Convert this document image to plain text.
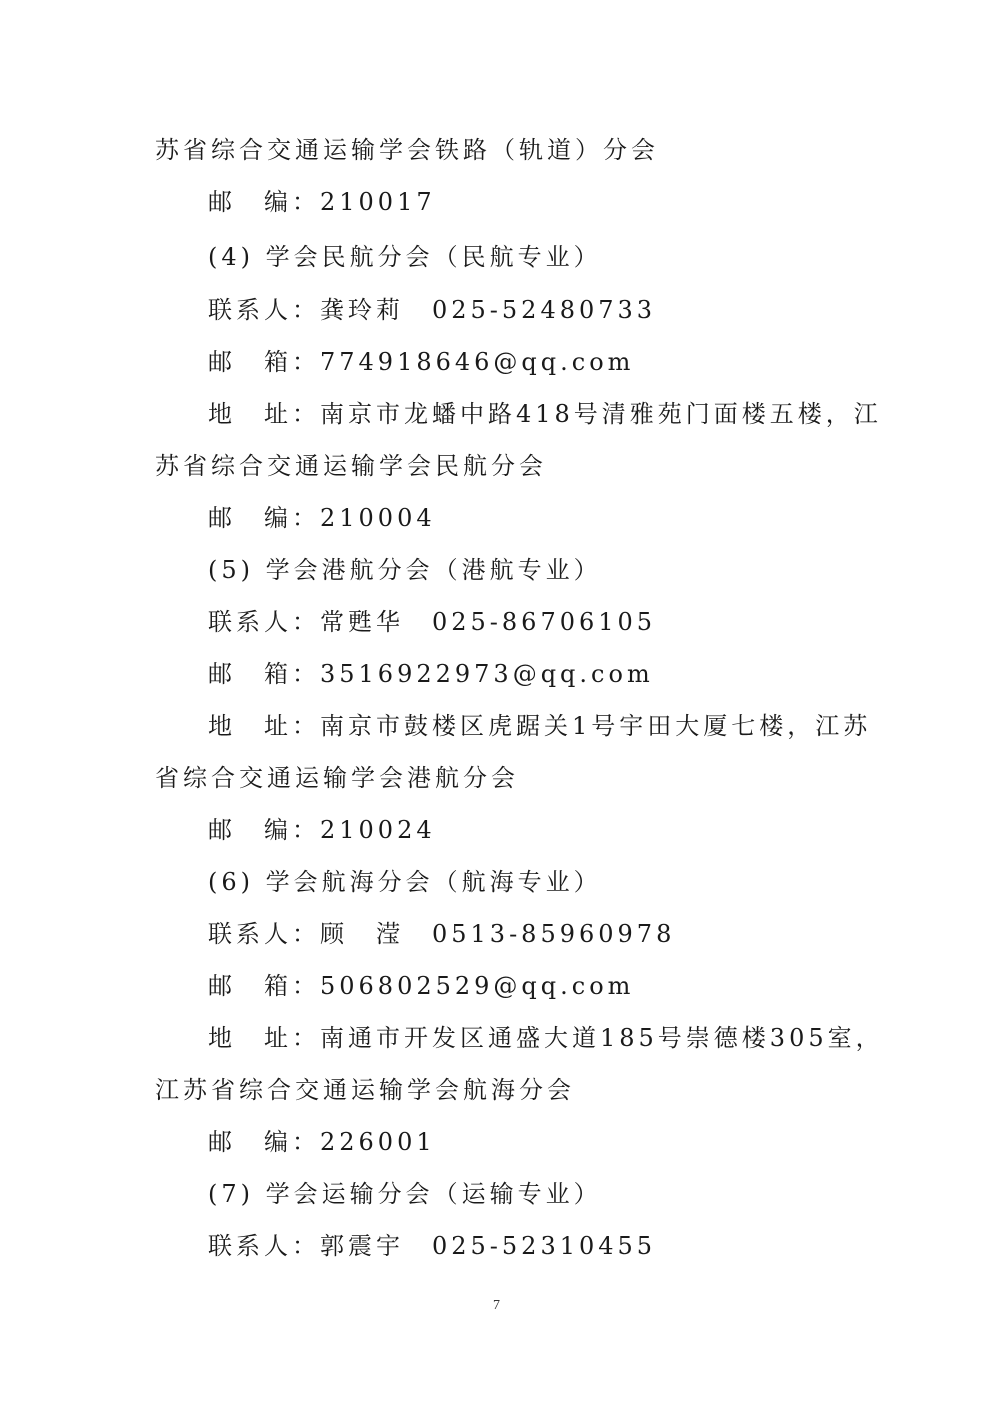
苏省综合交通运输学会铁路（轨道）分会
邮　编：210017
(4) 学会民航分会（民航专业）
联系人：龚玲莉　025-52480733
邮　箱：774918646@qq.com
地　址：南京市龙蟠中路418号清雅苑门面楼五楼，江
苏省综合交通运输学会民航分会
邮　编：210004
(5) 学会港航分会（港航专业）
联系人：常甦华　025-86706105
邮　箱：3516922973@qq.com
地　址：南京市鼓楼区虎踞关1号宇田大厦七楼，江苏
省综合交通运输学会港航分会
邮　编：210024
(6) 学会航海分会（航海专业）
联系人：顾　滢　0513-85960978
邮　箱：506802529@qq.com
地　址：南通市开发区通盛大道185号崇德楼305室，
江苏省综合交通运输学会航海分会
邮　编：226001
(7) 学会运输分会（运输专业）
联系人：郭震宇　025-52310455
7
